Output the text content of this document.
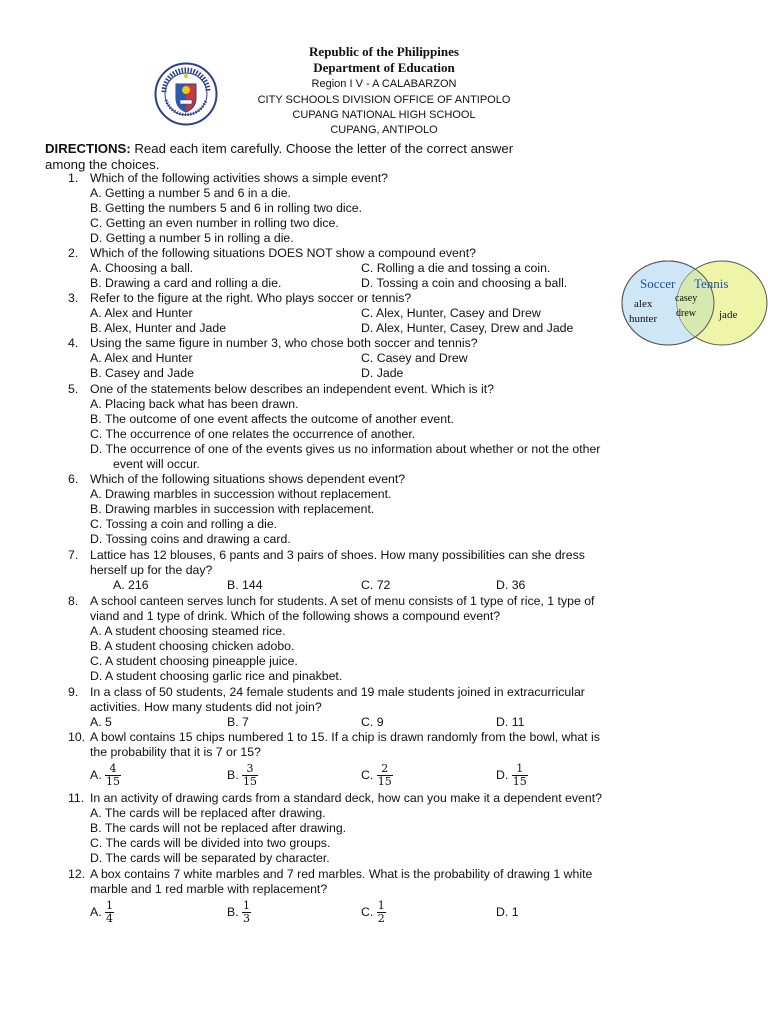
Republic of the Philippines
Department of Education
Region I V - A CALABARZON
CITY SCHOOLS DIVISION OFFICE OF ANTIPOLO
CUPANG NATIONAL HIGH SCHOOL
CUPANG, ANTIPOLO
DIRECTIONS: Read each item carefully. Choose the letter of the correct answer
among the choices.
Soccer Tennis
alex
hunter
casey
drew jade
1. Which of the following activities shows a simple event?
A. Getting a number 5 and 6 in a die.
B. Getting the numbers 5 and 6 in rolling two dice.
C. Getting an even number in rolling two dice.
D. Getting a number 5 in rolling a die.
2. Which of the following situations DOES NOT show a compound event?
A. Choosing a ball.	C. Rolling a die and tossing a coin.
B. Drawing a card and rolling a die.	D. Tossing a coin and choosing a ball.
3. Refer to the figure at the right. Who plays soccer or tennis?
A. Alex and Hunter	C. Alex, Hunter, Casey and Drew
B. Alex, Hunter and Jade	D. Alex, Hunter, Casey, Drew and Jade
4. Using the same figure in number 3, who chose both soccer and tennis?
A. Alex and Hunter	C. Casey and Drew
B. Casey and Jade	D. Jade
5. One of the statements below describes an independent event. Which is it?
A. Placing back what has been drawn.
B. The outcome of one event affects the outcome of another event.
C. The occurrence of one relates the occurrence of another.
D. The occurrence of one of the events gives us no information about whether or not the other
event will occur.
6. Which of the following situations shows dependent event?
A. Drawing marbles in succession without replacement.
B. Drawing marbles in succession with replacement.
C. Tossing a coin and rolling a die.
D. Tossing coins and drawing a card.
7. Lattice has 12 blouses, 6 pants and 3 pairs of shoes. How many possibilities can she dress
herself up for the day?
A. 216	B. 144	C. 72	D. 36
8. A school canteen serves lunch for students. A set of menu consists of 1 type of rice, 1 type of
viand and 1 type of drink. Which of the following shows a compound event?
A. A student choosing steamed rice.
B. A student choosing chicken adobo.
C. A student choosing pineapple juice.
D. A student choosing garlic rice and pinakbet.
9. In a class of 50 students, 24 female students and 19 male students joined in extracurricular
activities. How many students did not join?
A. 5	B. 7	C. 9	D. 11
10. A bowl contains 15 chips numbered 1 to 15. If a chip is drawn randomly from the bowl, what is
the probability that it is 7 or 15?
A. $\frac{4}{15}$	B. $\frac{3}{15}$	C. $\frac{2}{15}$	D. $\frac{1}{15}$
11. In an activity of drawing cards from a standard deck, how can you make it a dependent event?
A. The cards will be replaced after drawing.
B. The cards will not be replaced after drawing.
C. The cards will be divided into two groups.
D. The cards will be separated by character.
12. A box contains 7 white marbles and 7 red marbles. What is the probability of drawing 1 white
marble and 1 red marble with replacement?
A. $\frac{1}{4}$	B. $\frac{1}{3}$	C. $\frac{1}{2}$	D. 1
